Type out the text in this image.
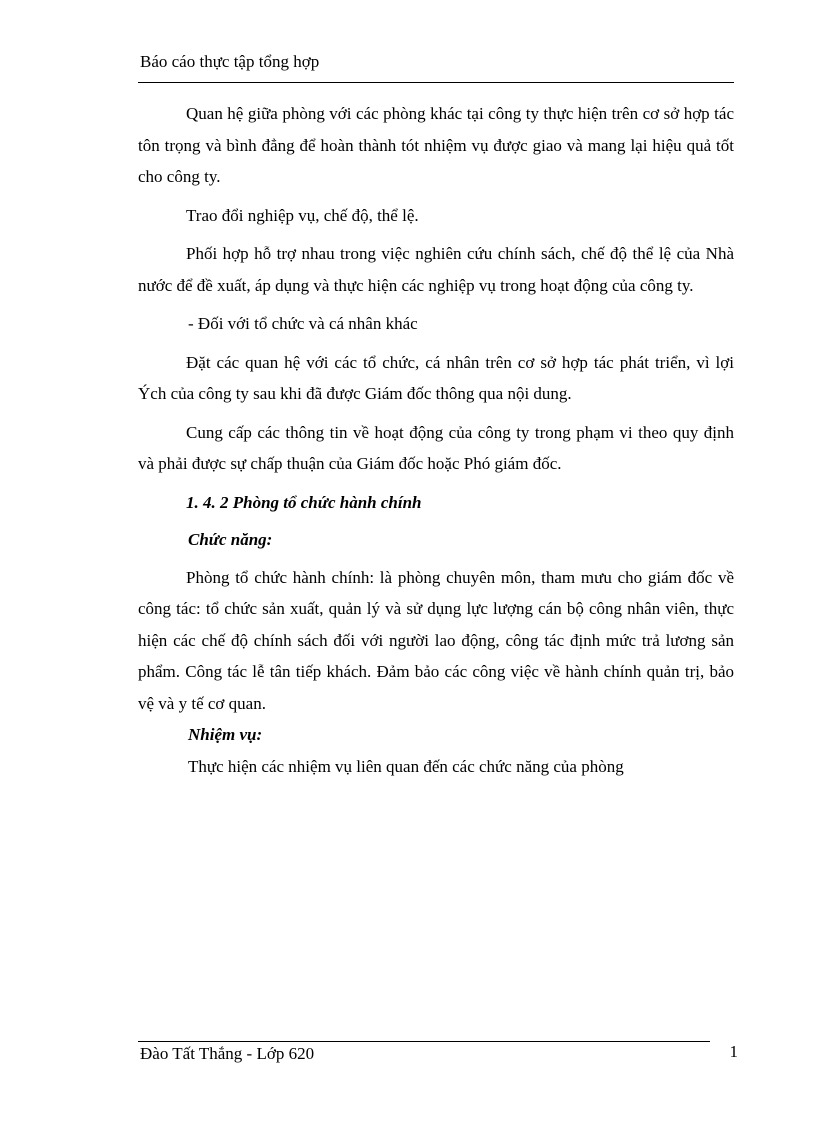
Báo cáo thực tập tổng hợp

Quan hệ giữa phòng với các phòng khác tại công ty thực hiện trên cơ sở hợp tác tôn trọng và bình đẳng để hoàn thành tót nhiệm vụ được giao và mang lại hiệu quả tốt cho công ty.

Trao đổi nghiệp vụ, chế độ, thể lệ.

Phối hợp hỗ trợ nhau trong việc nghiên cứu chính sách, chế độ thể lệ của Nhà nước để đề xuất, áp dụng và thực hiện các nghiệp vụ trong hoạt động của công ty.

- Đối với tổ chức và cá nhân khác

Đặt các quan hệ với các tổ chức, cá nhân trên cơ sở hợp tác phát triển, vì lợi Ých của công ty sau khi đã được Giám đốc thông qua nội dung.

Cung cấp các thông tin về hoạt động của công ty trong phạm vi theo quy định và phải được sự chấp thuận của Giám đốc hoặc Phó giám đốc.

1. 4. 2 Phòng tổ chức hành chính

Chức năng:

Phòng tổ chức hành chính: là phòng chuyên môn, tham mưu cho giám đốc về công tác: tổ chức sản xuất, quản lý và sử dụng lực lượng cán bộ công nhân viên, thực hiện các chế độ chính sách đối với người lao động, công tác định mức trả lương sản phẩm. Công tác lễ tân tiếp khách. Đảm bảo các công việc về hành chính quản trị, bảo vệ và y tế cơ quan.

Nhiệm vụ:

Thực hiện các nhiệm vụ liên quan đến các chức năng của phòng

Đào Tất Thắng - Lớp 620	1
